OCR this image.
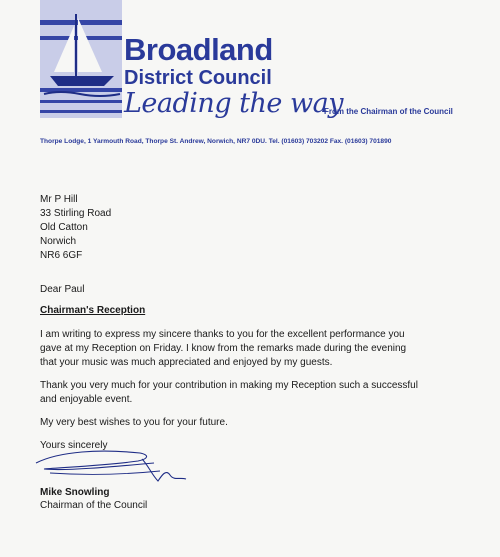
Broadland
District Council
Leading the way
From the Chairman of the Council
Thorpe Lodge, 1 Yarmouth Road, Thorpe St. Andrew, Norwich, NR7 0DU. Tel. (01603) 703202 Fax. (01603) 701890
Mr P Hill
33 Stirling Road
Old Catton
Norwich
NR6 6GF
Dear Paul
Chairman's Reception
I am writing to express my sincere thanks to you for the excellent performance you
gave at my Reception on Friday. I know from the remarks made during the evening
that your music was much appreciated and enjoyed by my guests.
Thank you very much for your contribution in making my Reception such a successful
and enjoyable event.
My very best wishes to you for your future.
Yours sincerely
Mike Snowling
Chairman of the Council
